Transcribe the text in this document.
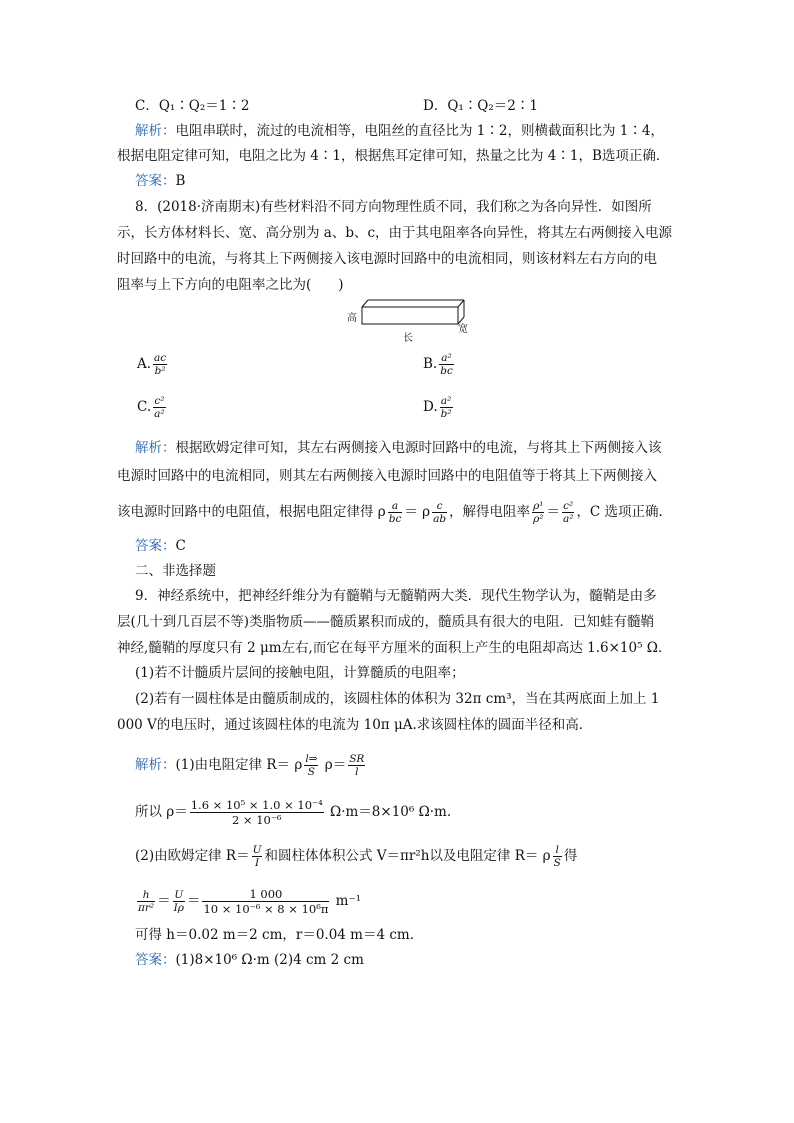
C．Q₁∶Q₂＝1∶2	D．Q₁∶Q₂＝2∶1
解析：电阻串联时，流过的电流相等，电阻丝的直径比为 1∶2，则横截面积比为 1∶4，
根据电阻定律可知，电阻之比为 4∶1，根据焦耳定律可知，热量之比为 4∶1，B选项正确．
答案：B
8．(2018·济南期末)有些材料沿不同方向物理性质不同，我们称之为各向异性．如图所
示，长方体材料长、宽、高分别为 a、b、c，由于其电阻率各向异性，将其左右两侧接入电源
时回路中的电流，与将其上下两侧接入该电源时回路中的电流相同，则该材料左右方向的电
阻率与上下方向的电阻率之比为(　　)
高
长
宽
A. $\frac{ac}{\text{b²}}$	B. $\frac{\text{a²}}{bc}$
C. $\frac{\text{c²}}{\text{a²}}$	D. $\frac{\text{a²}}{\text{b²}}$
解析：根据欧姆定律可知，其左右两侧接入电源时回路中的电流，与将其上下两侧接入该
电源时回路中的电流相同，则其左右两侧接入电源时回路中的电阻值等于将其上下两侧接入
该电源时回路中的电阻值，根据电阻定律得 ρ $\frac{a}{bc} = \rho \frac{c}{ab}$ ，解得电阻率 $\frac{\text{ρ¹}}{\text{ρ²}} = \frac{\text{c²}}{\text{a²}}$ ，C 选项正确．
答案：C
二、非选择题
9．神经系统中，把神经纤维分为有髓鞘与无髓鞘两大类．现代生物学认为，髓鞘是由多
层(几十到几百层不等)类脂物质——髓质累积而成的，髓质具有很大的电阻．已知蛙有髓鞘
神经,髓鞘的厚度只有 2 μm左右,而它在每平方厘米的面积上产生的电阻却高达 1.6×10⁵ Ω．
(1)若不计髓质片层间的接触电阻，计算髓质的电阻率；
(2)若有一圆柱体是由髓质制成的，该圆柱体的体积为 32π cm³，当在其两底面上加上 1
000 V的电压时，通过该圆柱体的电流为 10π μA.求该圆柱体的圆面半径和高．
解析：(1)由电阻定律 R＝ ρ $\frac{l\Rightarrow}{S} \rho= \frac{SR}{l}$
所以 $\rho= \frac{\text{1.6 × 10⁵ × 1.0 × 10⁻⁴}}{\text{2 × 10⁻⁶}} \Omega\cdot m=8\times 10^6$ Ω·m.
(2)由欧姆定律 $R= \frac{U}{I}$ 和圆柱体体积公式 V＝πr²h以及电阻定律 R＝ ρ $\frac{l}{S}$ 得
$\frac{h}{\text{πr²}} = \frac{U}{I\rho} = \frac{1 000}{\text{10 × 10⁻⁶ × 8 × 10⁶π}} m^{-1}$
可得 h＝0.02 m＝2 cm，r＝0.04 m＝4 cm.
答案：(1)8×10⁶ Ω·m (2)4 cm 2 cm
